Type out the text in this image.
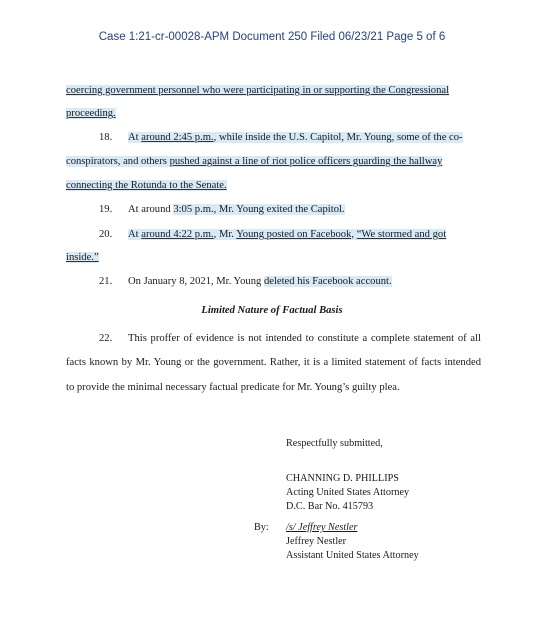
Case 1:21-cr-00028-APM Document 250 Filed 06/23/21 Page 5 of 6
coercing government personnel who were participating in or supporting the Congressional
proceeding.
18. At around 2:45 p.m., while inside the U.S. Capitol, Mr. Young, some of the co-
conspirators, and others pushed against a line of riot police officers guarding the hallway
connecting the Rotunda to the Senate.
19. At around 3:05 p.m., Mr. Young exited the Capitol.
20. At around 4:22 p.m., Mr. Young posted on Facebook, “We stormed and got
inside.”
21. On January 8, 2021, Mr. Young deleted his Facebook account.
Limited Nature of Factual Basis
22. This proffer of evidence is not intended to constitute a complete statement of all
facts known by Mr. Young or the government. Rather, it is a limited statement of facts intended
to provide the minimal necessary factual predicate for Mr. Young’s guilty plea.
Respectfully submitted,
CHANNING D. PHILLIPS
Acting United States Attorney
D.C. Bar No. 415793
By: /s/ Jeffrey Nestler
Jeffrey Nestler
Assistant United States Attorney
